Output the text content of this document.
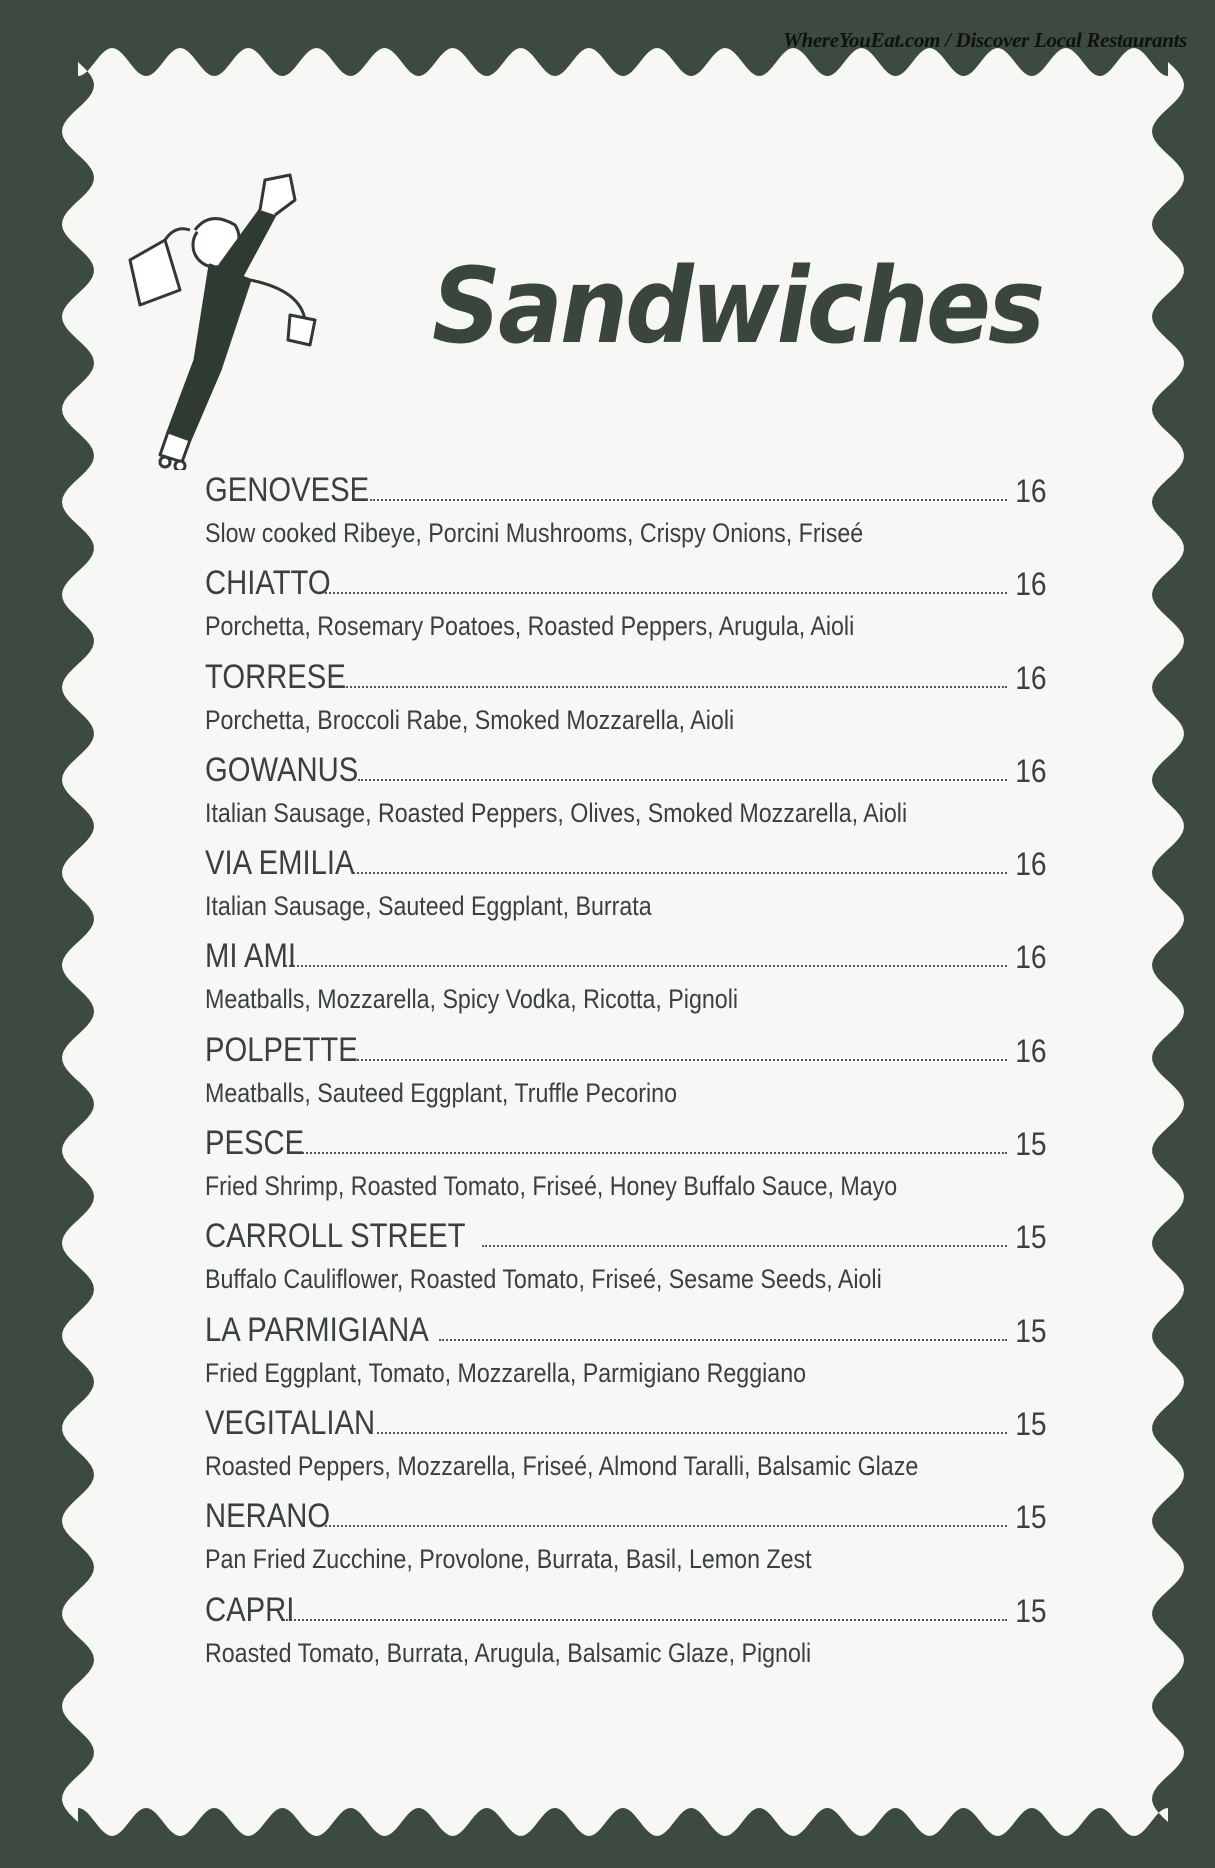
WhereYouEat.com / Discover Local Restaurants
Sandwiches
GENOVESE	16
Slow cooked Ribeye, Porcini Mushrooms, Crispy Onions, Friseé
CHIATTO	16
Porchetta, Rosemary Poatoes, Roasted Peppers, Arugula, Aioli
TORRESE	16
Porchetta, Broccoli Rabe, Smoked Mozzarella, Aioli
GOWANUS	16
Italian Sausage, Roasted Peppers, Olives, Smoked Mozzarella, Aioli
VIA EMILIA	16
Italian Sausage, Sauteed Eggplant, Burrata
MI AMI	16
Meatballs, Mozzarella, Spicy Vodka, Ricotta, Pignoli
POLPETTE	16
Meatballs, Sauteed Eggplant, Truffle Pecorino
PESCE	15
Fried Shrimp, Roasted Tomato, Friseé, Honey Buffalo Sauce, Mayo
CARROLL STREET	15
Buffalo Cauliflower, Roasted Tomato, Friseé, Sesame Seeds, Aioli
LA PARMIGIANA	15
Fried Eggplant, Tomato, Mozzarella, Parmigiano Reggiano
VEGITALIAN	15
Roasted Peppers, Mozzarella, Friseé, Almond Taralli, Balsamic Glaze
NERANO	15
Pan Fried Zucchine, Provolone, Burrata, Basil, Lemon Zest
CAPRI	15
Roasted Tomato, Burrata, Arugula, Balsamic Glaze, Pignoli
